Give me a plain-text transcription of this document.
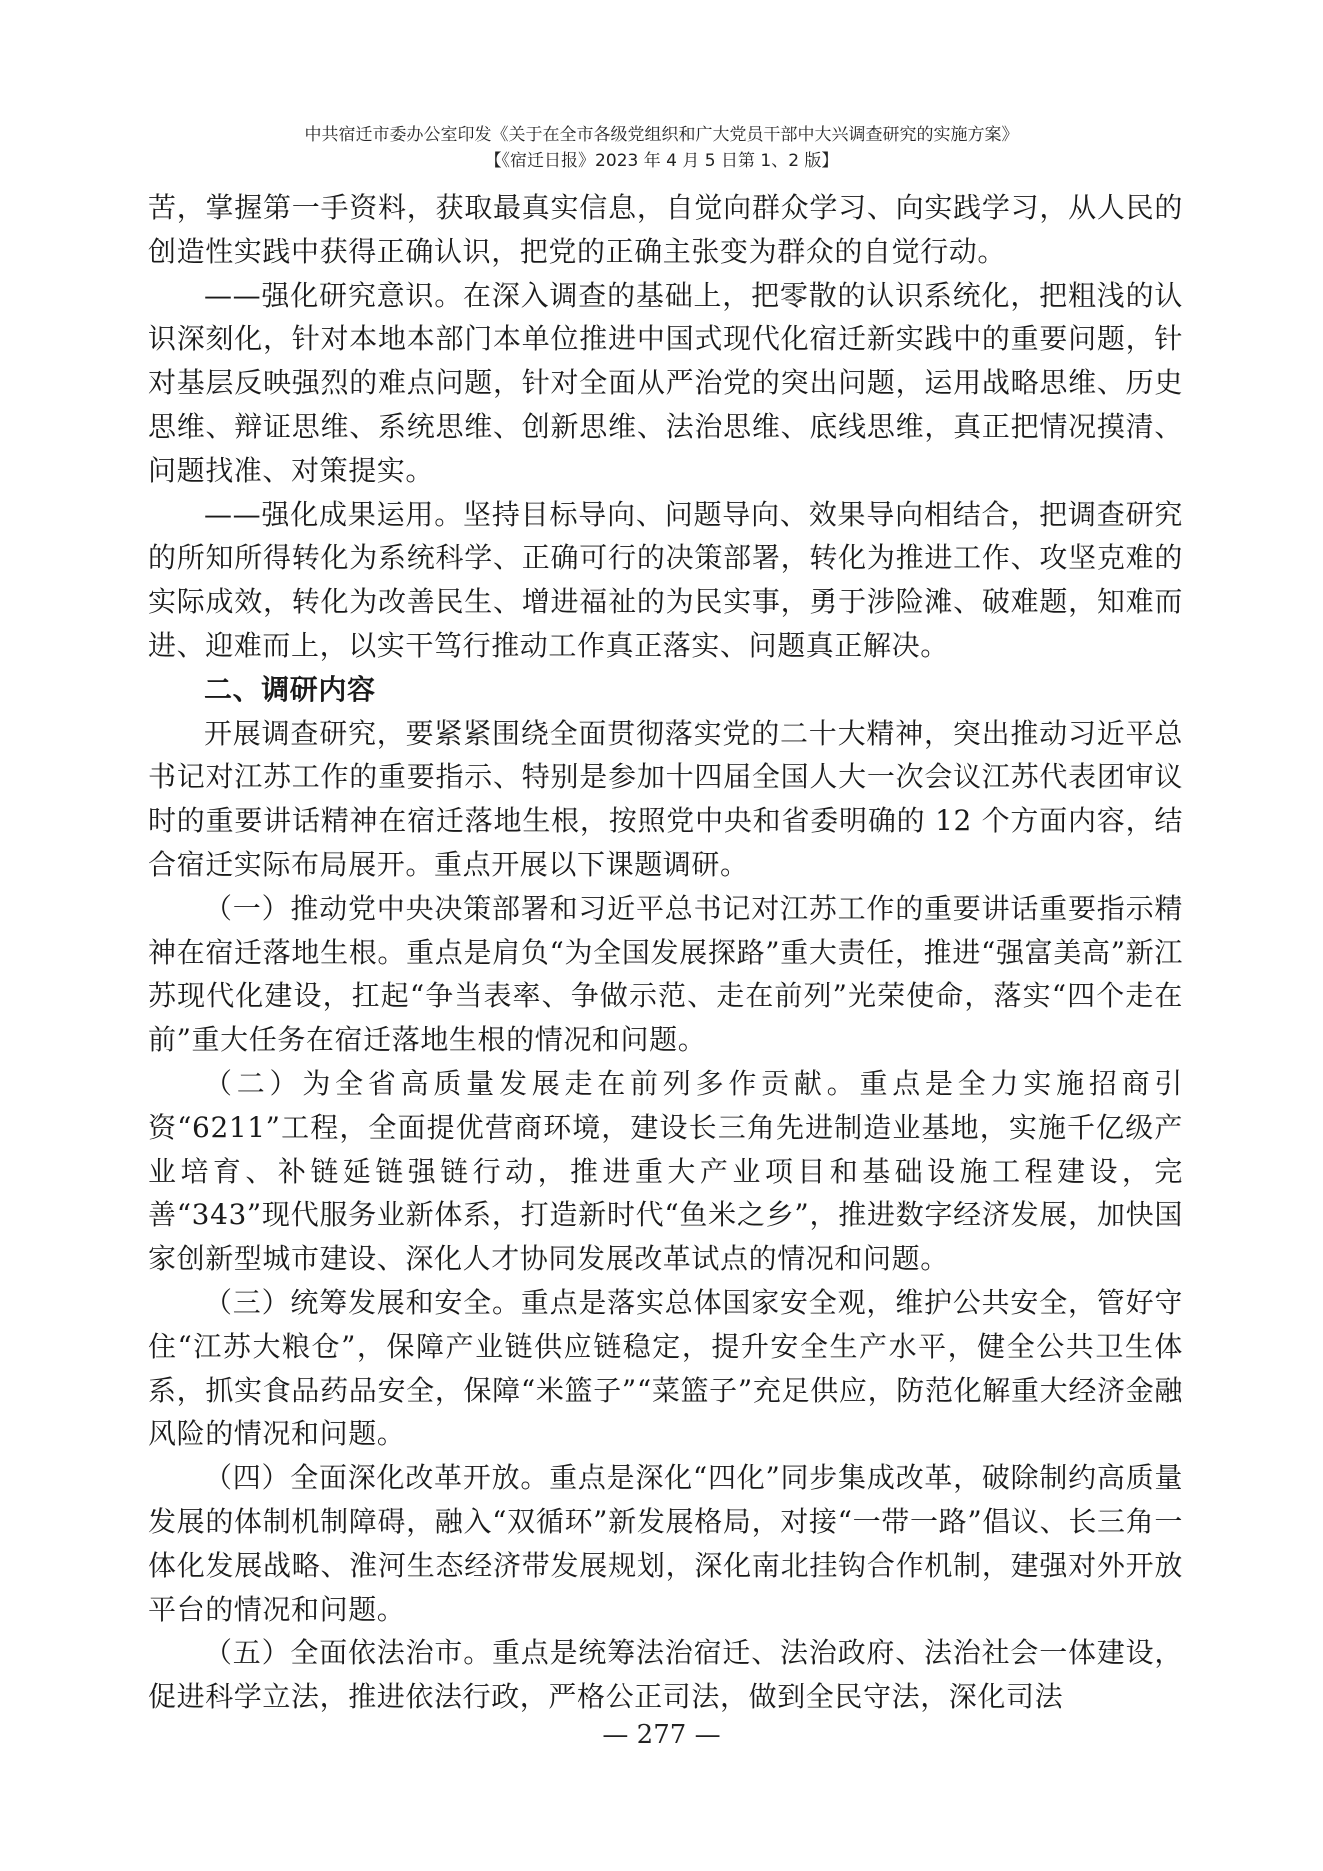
中共宿迁市委办公室印发《关于在全市各级党组织和广大党员干部中大兴调查研究的实施方案》
【《宿迁日报》2023 年 4 月 5 日第 1、2 版】

苦，掌握第一手资料，获取最真实信息，自觉向群众学习、向实践学习，从人民的创造性实践中获得正确认识，把党的正确主张变为群众的自觉行动。

——强化研究意识。在深入调查的基础上，把零散的认识系统化，把粗浅的认识深刻化，针对本地本部门本单位推进中国式现代化宿迁新实践中的重要问题，针对基层反映强烈的难点问题，针对全面从严治党的突出问题，运用战略思维、历史思维、辩证思维、系统思维、创新思维、法治思维、底线思维，真正把情况摸清、问题找准、对策提实。

——强化成果运用。坚持目标导向、问题导向、效果导向相结合，把调查研究的所知所得转化为系统科学、正确可行的决策部署，转化为推进工作、攻坚克难的实际成效，转化为改善民生、增进福祉的为民实事，勇于涉险滩、破难题，知难而进、迎难而上，以实干笃行推动工作真正落实、问题真正解决。

二、调研内容

开展调查研究，要紧紧围绕全面贯彻落实党的二十大精神，突出推动习近平总书记对江苏工作的重要指示、特别是参加十四届全国人大一次会议江苏代表团审议时的重要讲话精神在宿迁落地生根，按照党中央和省委明确的 12 个方面内容，结合宿迁实际布局展开。重点开展以下课题调研。

（一）推动党中央决策部署和习近平总书记对江苏工作的重要讲话重要指示精神在宿迁落地生根。重点是肩负“为全国发展探路”重大责任，推进“强富美高”新江苏现代化建设，扛起“争当表率、争做示范、走在前列”光荣使命，落实“四个走在前”重大任务在宿迁落地生根的情况和问题。

（二）为全省高质量发展走在前列多作贡献。重点是全力实施招商引资“6211”工程，全面提优营商环境，建设长三角先进制造业基地，实施千亿级产业培育、补链延链强链行动，推进重大产业项目和基础设施工程建设，完善“343”现代服务业新体系，打造新时代“鱼米之乡”，推进数字经济发展，加快国家创新型城市建设、深化人才协同发展改革试点的情况和问题。

（三）统筹发展和安全。重点是落实总体国家安全观，维护公共安全，管好守住“江苏大粮仓”，保障产业链供应链稳定，提升安全生产水平，健全公共卫生体系，抓实食品药品安全，保障“米篮子”“菜篮子”充足供应，防范化解重大经济金融风险的情况和问题。

（四）全面深化改革开放。重点是深化“四化”同步集成改革，破除制约高质量发展的体制机制障碍，融入“双循环”新发展格局，对接“一带一路”倡议、长三角一体化发展战略、淮河生态经济带发展规划，深化南北挂钩合作机制，建强对外开放平台的情况和问题。

（五）全面依法治市。重点是统筹法治宿迁、法治政府、法治社会一体建设，促进科学立法，推进依法行政，严格公正司法，做到全民守法，深化司法

— 277 —
